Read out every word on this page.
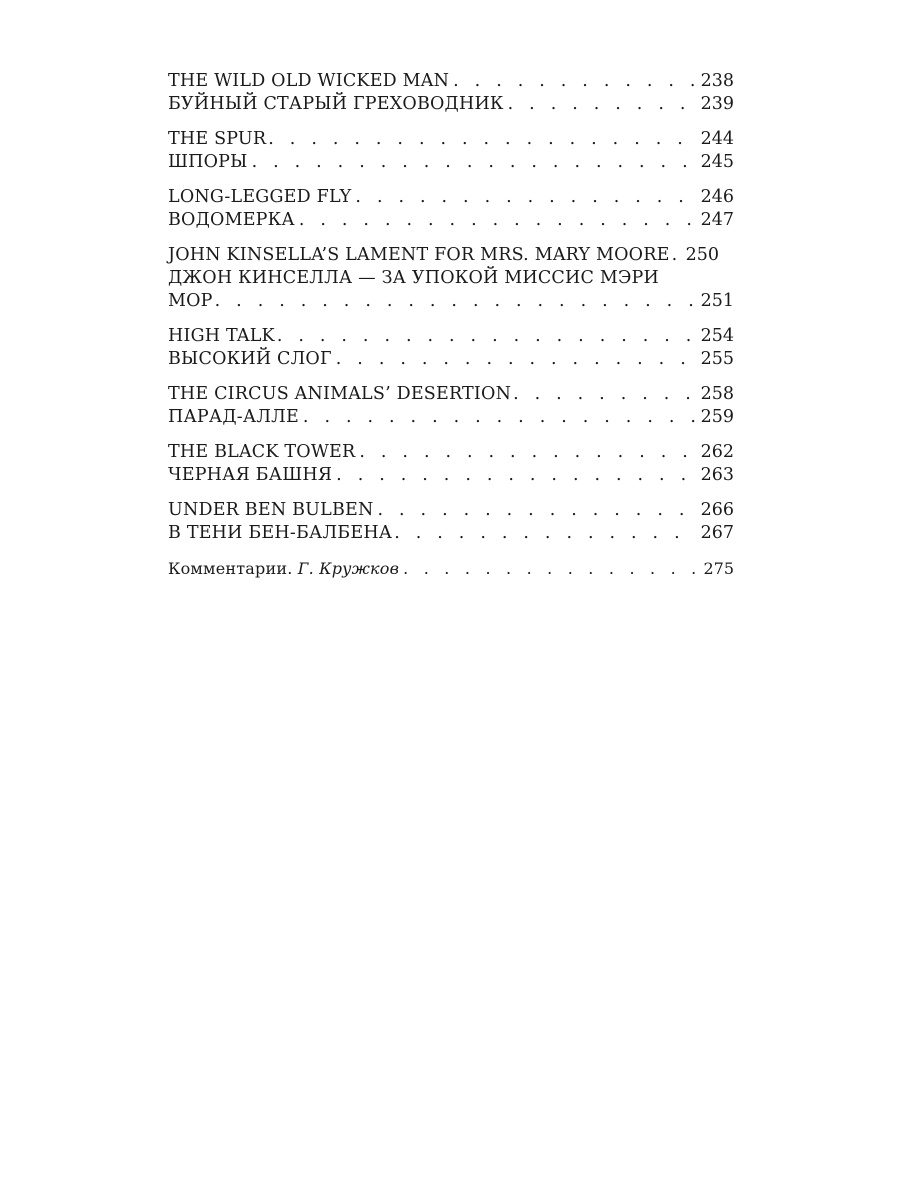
THE WILD OLD WICKED MAN . . .	238
БУЙНЫЙ СТАРЫЙ ГРЕХОВОДНИК . . .	239
THE SPUR . . .	244
ШПОРЫ . . .	245
LONG-LEGGED FLY . . .	246
ВОДОМЕРКА . . .	247
JOHN KINSELLA’S LAMENT FOR MRS. MARY MOORE . . . 250
ДЖОН КИНСЕЛЛА — ЗА УПОКОЙ МИССИС МЭРИ
МОР . . .	251
HIGH TALK . . .	254
ВЫСОКИЙ СЛОГ . . .	255
THE CIRCUS ANIMALS’ DESERTION . . .	258
ПАРАД-АЛЛЕ . . .	259
THE BLACK TOWER . . .	262
ЧЕРНАЯ БАШНЯ . . .	263
UNDER BEN BULBEN . . .	266
В ТЕНИ БЕН-БАЛБЕНА . . .	267
Комментарии. Г. Кружков . . .	275
